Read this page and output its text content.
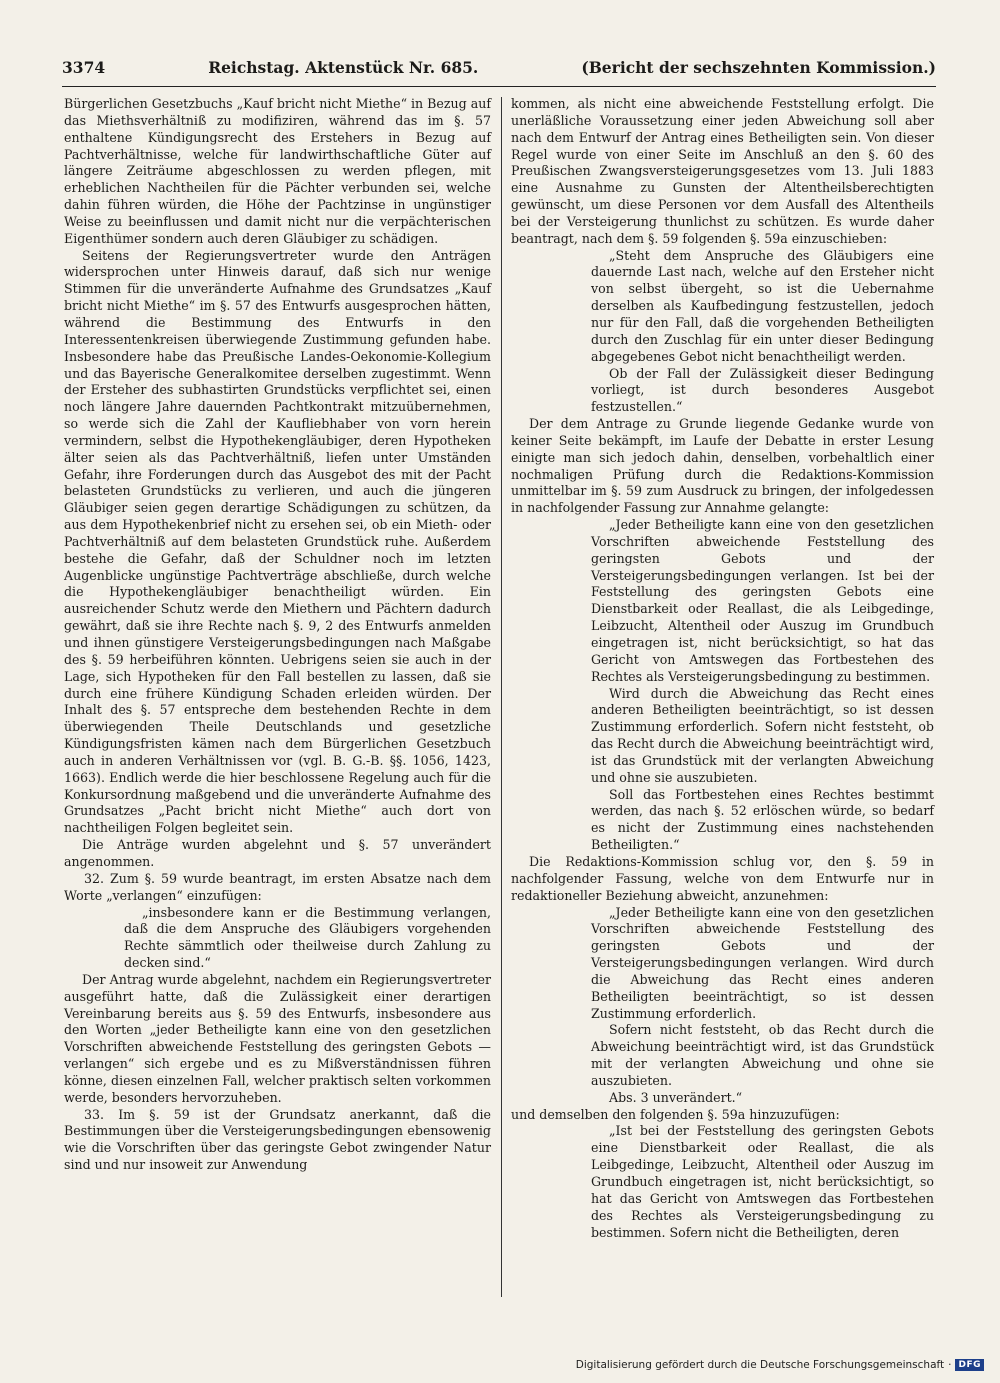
3374	Reichstag. Aktenstück Nr. 685.	(Bericht der sechszehnten Kommission.)

Bürgerlichen Gesetzbuchs „Kauf bricht nicht Miethe“ in Bezug auf das Miethsverhältniß zu modifiziren, während das im §. 57 enthaltene Kündigungsrecht des Erstehers in Bezug auf Pachtverhältnisse, welche für landwirthschaftliche Güter auf längere Zeiträume abgeschlossen zu werden pflegen, mit erheblichen Nachtheilen für die Pächter verbunden sei, welche dahin führen würden, die Höhe der Pachtzinse in ungünstiger Weise zu beeinflussen und damit nicht nur die verpächterischen Eigenthümer sondern auch deren Gläubiger zu schädigen.

Seitens der Regierungsvertreter wurde den Anträgen widersprochen unter Hinweis darauf, daß sich nur wenige Stimmen für die unveränderte Aufnahme des Grundsatzes „Kauf bricht nicht Miethe“ im §. 57 des Entwurfs ausgesprochen hätten, während die Bestimmung des Entwurfs in den Interessentenkreisen überwiegende Zustimmung gefunden habe. Insbesondere habe das Preußische Landes-Oekonomie-Kollegium und das Bayerische Generalkomitee derselben zugestimmt. Wenn der Ersteher des subhastirten Grundstücks verpflichtet sei, einen noch längere Jahre dauernden Pachtkontrakt mitzuübernehmen, so werde sich die Zahl der Kaufliebhaber von vorn herein vermindern, selbst die Hypothekengläubiger, deren Hypotheken älter seien als das Pachtverhältniß, liefen unter Umständen Gefahr, ihre Forderungen durch das Ausgebot des mit der Pacht belasteten Grundstücks zu verlieren, und auch die jüngeren Gläubiger seien gegen derartige Schädigungen zu schützen, da aus dem Hypothekenbrief nicht zu ersehen sei, ob ein Mieth- oder Pachtverhältniß auf dem belasteten Grundstück ruhe. Außerdem bestehe die Gefahr, daß der Schuldner noch im letzten Augenblicke ungünstige Pachtverträge abschließe, durch welche die Hypothekengläubiger benachtheiligt würden. Ein ausreichender Schutz werde den Miethern und Pächtern dadurch gewährt, daß sie ihre Rechte nach §. 9, 2 des Entwurfs anmelden und ihnen günstigere Versteigerungsbedingungen nach Maßgabe des §. 59 herbeiführen könnten. Uebrigens seien sie auch in der Lage, sich Hypotheken für den Fall bestellen zu lassen, daß sie durch eine frühere Kündigung Schaden erleiden würden. Der Inhalt des §. 57 entspreche dem bestehenden Rechte in dem überwiegenden Theile Deutschlands und gesetzliche Kündigungsfristen kämen nach dem Bürgerlichen Gesetzbuch auch in anderen Verhältnissen vor (vgl. B. G.-B. §§. 1056, 1423, 1663). Endlich werde die hier beschlossene Regelung auch für die Konkursordnung maßgebend und die unveränderte Aufnahme des Grundsatzes „Pacht bricht nicht Miethe“ auch dort von nachtheiligen Folgen begleitet sein.

Die Anträge wurden abgelehnt und §. 57 unverändert angenommen.

32. Zum §. 59 wurde beantragt, im ersten Absatze nach dem Worte „verlangen“ einzufügen:

„insbesondere kann er die Bestimmung verlangen, daß die dem Anspruche des Gläubigers vorgehenden Rechte sämmtlich oder theilweise durch Zahlung zu decken sind.“

Der Antrag wurde abgelehnt, nachdem ein Regierungsvertreter ausgeführt hatte, daß die Zulässigkeit einer derartigen Vereinbarung bereits aus §. 59 des Entwurfs, insbesondere aus den Worten „jeder Betheiligte kann eine von den gesetzlichen Vorschriften abweichende Feststellung des geringsten Gebots — verlangen“ sich ergebe und es zu Mißverständnissen führen könne, diesen einzelnen Fall, welcher praktisch selten vorkommen werde, besonders hervorzuheben.

33. Im §. 59 ist der Grundsatz anerkannt, daß die Bestimmungen über die Versteigerungsbedingungen ebensowenig wie die Vorschriften über das geringste Gebot zwingender Natur sind und nur insoweit zur Anwendung

kommen, als nicht eine abweichende Feststellung erfolgt. Die unerläßliche Voraussetzung einer jeden Abweichung soll aber nach dem Entwurf der Antrag eines Betheiligten sein. Von dieser Regel wurde von einer Seite im Anschluß an den §. 60 des Preußischen Zwangsversteigerungsgesetzes vom 13. Juli 1883 eine Ausnahme zu Gunsten der Altentheilsberechtigten gewünscht, um diese Personen vor dem Ausfall des Altentheils bei der Versteigerung thunlichst zu schützen. Es wurde daher beantragt, nach dem §. 59 folgenden §. 59a einzuschieben:

„Steht dem Anspruche des Gläubigers eine dauernde Last nach, welche auf den Ersteher nicht von selbst übergeht, so ist die Uebernahme derselben als Kaufbedingung festzustellen, jedoch nur für den Fall, daß die vorgehenden Betheiligten durch den Zuschlag für ein unter dieser Bedingung abgegebenes Gebot nicht benachtheiligt werden.

Ob der Fall der Zulässigkeit dieser Bedingung vorliegt, ist durch besonderes Ausgebot festzustellen.“

Der dem Antrage zu Grunde liegende Gedanke wurde von keiner Seite bekämpft, im Laufe der Debatte in erster Lesung einigte man sich jedoch dahin, denselben, vorbehaltlich einer nochmaligen Prüfung durch die Redaktions-Kommission unmittelbar im §. 59 zum Ausdruck zu bringen, der infolgedessen in nachfolgender Fassung zur Annahme gelangte:

„Jeder Betheiligte kann eine von den gesetzlichen Vorschriften abweichende Feststellung des geringsten Gebots und der Versteigerungsbedingungen verlangen. Ist bei der Feststellung des geringsten Gebots eine Dienstbarkeit oder Reallast, die als Leibgedinge, Leibzucht, Altentheil oder Auszug im Grundbuch eingetragen ist, nicht berücksichtigt, so hat das Gericht von Amtswegen das Fortbestehen des Rechtes als Versteigerungsbedingung zu bestimmen.

Wird durch die Abweichung das Recht eines anderen Betheiligten beeinträchtigt, so ist dessen Zustimmung erforderlich. Sofern nicht feststeht, ob das Recht durch die Abweichung beeinträchtigt wird, ist das Grundstück mit der verlangten Abweichung und ohne sie auszubieten.

Soll das Fortbestehen eines Rechtes bestimmt werden, das nach §. 52 erlöschen würde, so bedarf es nicht der Zustimmung eines nachstehenden Betheiligten.“

Die Redaktions-Kommission schlug vor, den §. 59 in nachfolgender Fassung, welche von dem Entwurfe nur in redaktioneller Beziehung abweicht, anzunehmen:

„Jeder Betheiligte kann eine von den gesetzlichen Vorschriften abweichende Feststellung des geringsten Gebots und der Versteigerungsbedingungen verlangen. Wird durch die Abweichung das Recht eines anderen Betheiligten beeinträchtigt, so ist dessen Zustimmung erforderlich.

Sofern nicht feststeht, ob das Recht durch die Abweichung beeinträchtigt wird, ist das Grundstück mit der verlangten Abweichung und ohne sie auszubieten.

Abs. 3 unverändert.“

und demselben den folgenden §. 59a hinzuzufügen:

„Ist bei der Feststellung des geringsten Gebots eine Dienstbarkeit oder Reallast, die als Leibgedinge, Leibzucht, Altentheil oder Auszug im Grundbuch eingetragen ist, nicht berücksichtigt, so hat das Gericht von Amtswegen das Fortbestehen des Rechtes als Versteigerungsbedingung zu bestimmen. Sofern nicht die Betheiligten, deren

Digitalisierung gefördert durch die Deutsche Forschungsgemeinschaft · DFG
